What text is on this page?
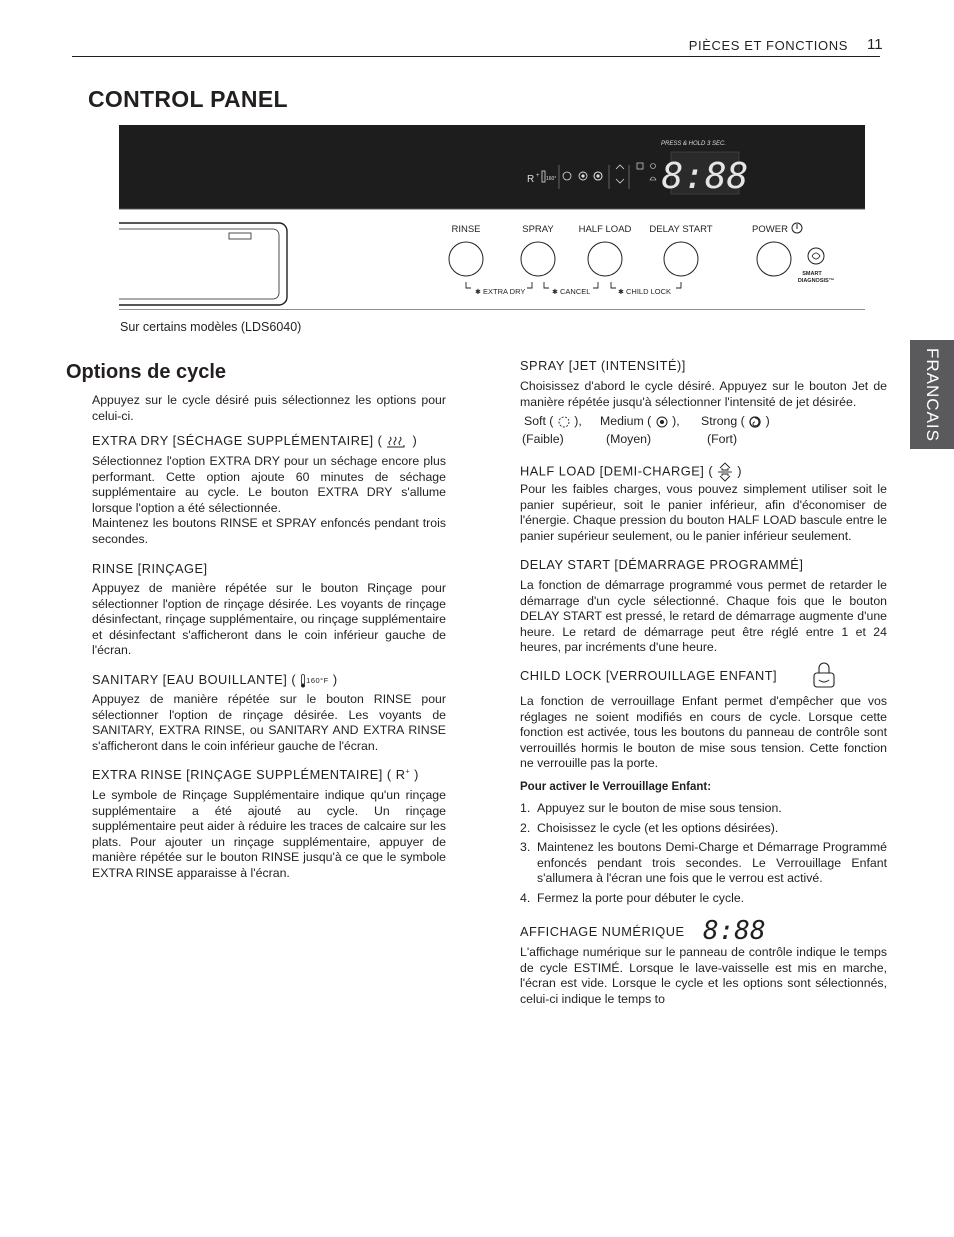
PIÈCES ET FONCTIONS 11
CONTROL PANEL
PRESS & HOLD 3 SEC.
R + 160°	8:88
RINSE	SPRAY	HALF LOAD DELAY START	POWER
SMART
DIAGNOSIS™
✱ EXTRA DRY	✱ CANCEL	✱ CHILD LOCK
Sur certains modèles (LDS6040)
FRANCAIS
Options de cycle
Appuyez sur le cycle désiré puis sélectionnez les options pour celui-ci.
EXTRA DRY [SÉCHAGE SUPPLÉMENTAIRE] ( )
Sélectionnez l'option EXTRA DRY pour un séchage encore plus performant. Cette option ajoute 60 minutes de séchage supplémentaire au cycle. Le bouton EXTRA DRY s'allume lorsque l'option a été sélectionnée.
Maintenez les boutons RINSE et SPRAY enfoncés pendant trois secondes.
RINSE [RINÇAGE]
Appuyez de manière répétée sur le bouton Rinçage pour sélectionner l'option de rinçage désirée. Les voyants de rinçage désinfectant, rinçage supplémentaire, ou rinçage supplémentaire et désinfectant s'afficheront dans le coin inférieur gauche de l'écran.
SANITARY [EAU BOUILLANTE] ( 160°F )
Appuyez de manière répétée sur le bouton RINSE pour sélectionner l'option de rinçage désirée. Les voyants de SANITARY, EXTRA RINSE, ou SANITARY AND EXTRA RINSE s'afficheront dans le coin inférieur gauche de l'écran.
EXTRA RINSE [RINÇAGE SUPPLÉMENTAIRE] ( R+ )
Le symbole de Rinçage Supplémentaire indique qu'un rinçage supplémentaire a été ajouté au cycle. Un rinçage supplémentaire peut aider à réduire les traces de calcaire sur les plats. Pour ajouter un rinçage supplémentaire, appuyer de manière répétée sur le bouton RINSE jusqu'à ce que le symbole EXTRA RINSE apparaisse à l'écran.
SPRAY [JET (INTENSITÉ)]
Choisissez d'abord le cycle désiré. Appuyez sur le bouton Jet de manière répétée jusqu'à sélectionner l'intensité de jet désirée.
Soft ( ),
(Faible)
Medium ( ),
(Moyen)
Strong ( )
(Fort)
HALF LOAD [DEMI-CHARGE] ( )
Pour les faibles charges, vous pouvez simplement utiliser soit le panier supérieur, soit le panier inférieur, afin d'économiser de l'énergie. Chaque pression du bouton HALF LOAD bascule entre le panier supérieur seulement, ou le panier inférieur seulement.
DELAY START [DÉMARRAGE PROGRAMMÉ]
La fonction de démarrage programmé vous permet de retarder le démarrage d'un cycle sélectionné. Chaque fois que le bouton DELAY START est pressé, le retard de démarrage augmente d'une heure. Le retard de démarrage peut être réglé entre 1 et 24 heures, par incréments d'une heure.
CHILD LOCK [VERROUILLAGE ENFANT]
La fonction de verrouillage Enfant permet d'empêcher que vos réglages ne soient modifiés en cours de cycle. Lorsque cette fonction est activée, tous les boutons du panneau de contrôle sont verrouillés hormis le bouton de mise sous tension. Cette fonction ne verrouille pas la porte.
Pour activer le Verrouillage Enfant:
1. Appuyez sur le bouton de mise sous tension.
2. Choisissez le cycle (et les options désirées).
3. Maintenez les boutons Demi-Charge et Démarrage Programmé enfoncés pendant trois secondes. Le Verrouillage Enfant s'allumera à l'écran une fois que le verrou est activé.
4. Fermez la porte pour débuter le cycle.
AFFICHAGE NUMÉRIQUE 8:88
L'affichage numérique sur le panneau de contrôle indique le temps de cycle ESTIMÉ. Lorsque le lave-vaisselle est mis en marche, l'écran est vide. Lorsque le cycle et les options sont sélectionnés, celui-ci indique le temps to
